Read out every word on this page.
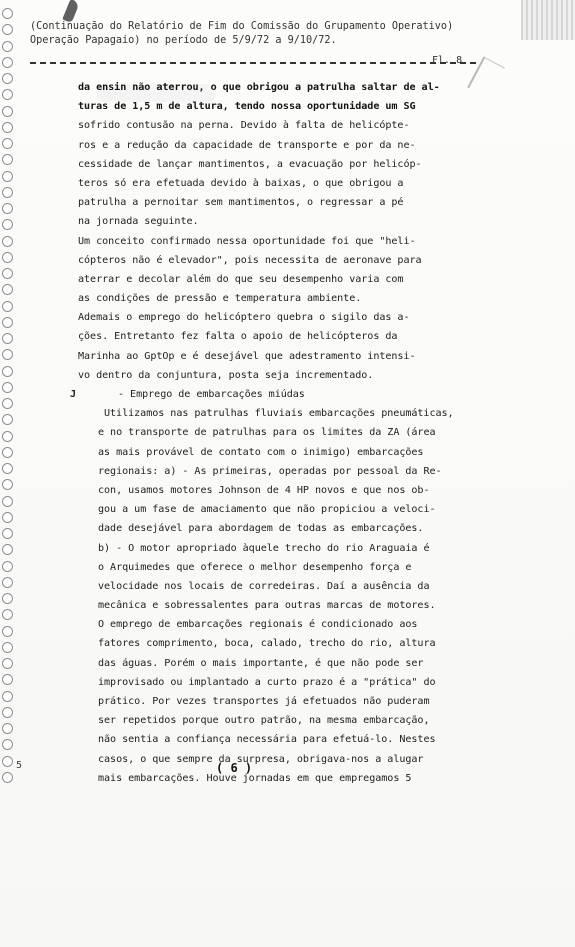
(Continuação do Relatório de Fim do Comissão do Grupamento Operativo)
Operação Papagaio) no período de 5/9/72 a 9/10/72.
Fl. 8
da ensin não aterrou, o que obrigou a patrulha saltar de al-
turas de 1,5 m de altura, tendo nossa oportunidade um SG
sofrido contusão na perna. Devido à falta de helicópte-
ros e a redução da capacidade de transporte e por da ne-
cessidade de lançar mantimentos, a evacuação por helicóp-
teros só era efetuada devido à baixas, o que obrigou a
patrulha a pernoitar sem mantimentos, o regressar a pé
na jornada seguinte.
Um conceito confirmado nessa oportunidade foi que "heli-
cópteros não é elevador", pois necessita de aeronave para
aterrar e decolar além do que seu desempenho varia com
as condições de pressão e temperatura ambiente.
Ademais o emprego do helicóptero quebra o sigilo das a-
ções. Entretanto fez falta o apoio de helicópteros da
Marinha ao GptOp e é desejável que adestramento intensi-
vo dentro da conjuntura, posta seja incrementado.
J	- Emprego de embarcações miúdas
Utilizamos nas patrulhas fluviais embarcações pneumáticas,
e no transporte de patrulhas para os limites da ZA (área
as mais provável de contato com o inimigo) embarcações
regionais: a) - As primeiras, operadas por pessoal da Re-
con, usamos motores Johnson de 4 HP novos e que nos ob-
gou a um fase de amaciamento que não propiciou a veloci-
dade desejável para abordagem de todas as embarcações.
b) - O motor apropriado àquele trecho do rio Araguaia é
o Arquimedes que oferece o melhor desempenho força e
velocidade nos locais de corredeiras. Daí a ausência da
mecânica e sobressalentes para outras marcas de motores.
O emprego de embarcações regionais é condicionado aos
fatores comprimento, boca, calado, trecho do rio, altura
das águas. Porém o mais importante, é que não pode ser
improvisado ou implantado a curto prazo é a "prática" do
prático. Por vezes transportes já efetuados não puderam
ser repetidos porque outro patrão, na mesma embarcação,
não sentia a confiança necessária para efetuá-lo. Nestes
casos, o que sempre da surpresa, obrigava-nos a alugar
mais embarcações. Houve jornadas em que empregamos 5
5	( 6 )
